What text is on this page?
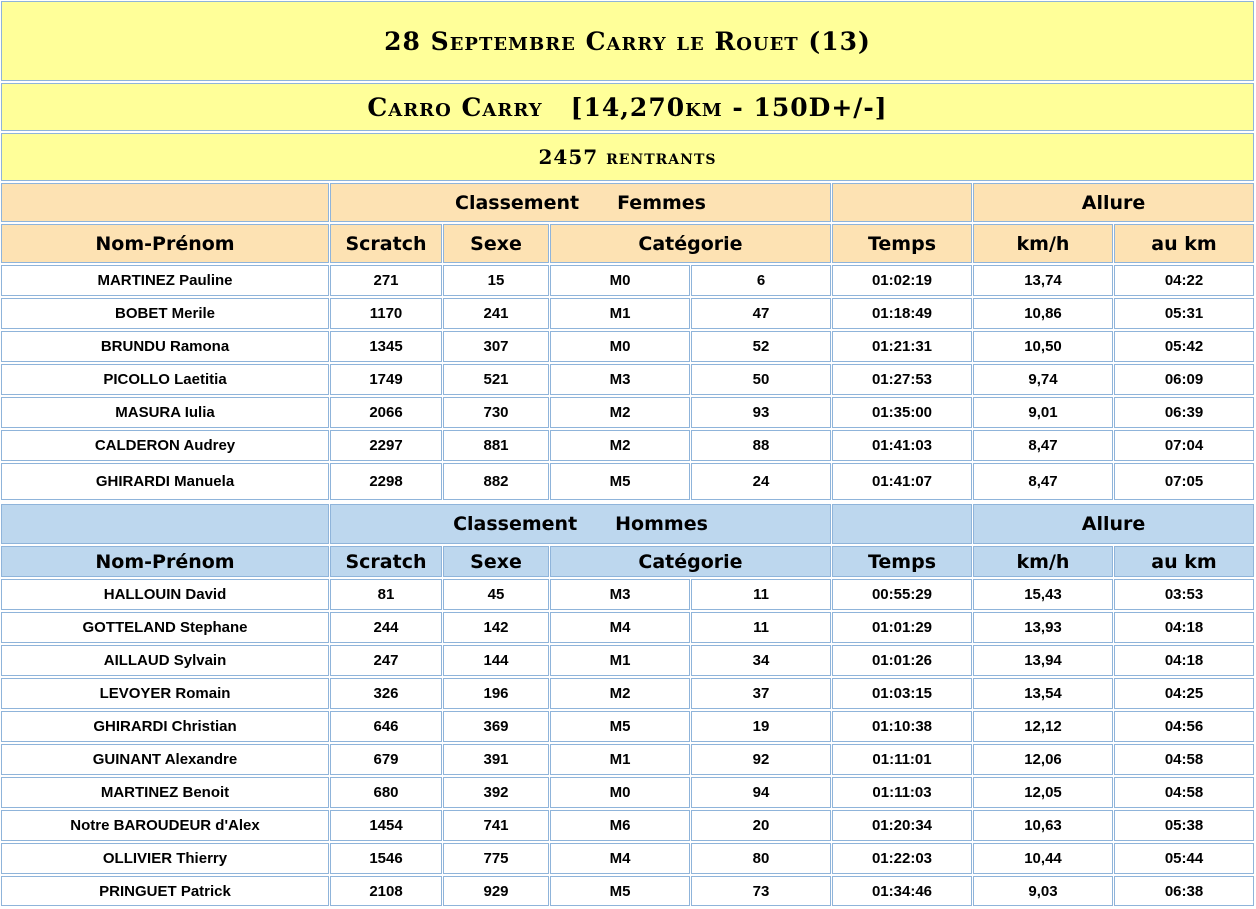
28 Septembre Carry le Rouet (13)
Carro Carry [14,270km - 150D+/-]
2457 rentrants
Classement Femmes	Allure
Nom-Prénom	Scratch	Sexe	Catégorie	Temps	km/h	au km
MARTINEZ Pauline	271	15	M0	6	01:02:19	13,74	04:22
BOBET Merile	1170	241	M1	47	01:18:49	10,86	05:31
BRUNDU Ramona	1345	307	M0	52	01:21:31	10,50	05:42
PICOLLO Laetitia	1749	521	M3	50	01:27:53	9,74	06:09
MASURA Iulia	2066	730	M2	93	01:35:00	9,01	06:39
CALDERON Audrey	2297	881	M2	88	01:41:03	8,47	07:04
GHIRARDI Manuela	2298	882	M5	24	01:41:07	8,47	07:05
Classement Hommes	Allure
Nom-Prénom	Scratch	Sexe	Catégorie	Temps	km/h	au km
HALLOUIN David	81	45	M3	11	00:55:29	15,43	03:53
GOTTELAND Stephane	244	142	M4	11	01:01:29	13,93	04:18
AILLAUD Sylvain	247	144	M1	34	01:01:26	13,94	04:18
LEVOYER Romain	326	196	M2	37	01:03:15	13,54	04:25
GHIRARDI Christian	646	369	M5	19	01:10:38	12,12	04:56
GUINANT Alexandre	679	391	M1	92	01:11:01	12,06	04:58
MARTINEZ Benoit	680	392	M0	94	01:11:03	12,05	04:58
Notre BAROUDEUR d'Alex	1454	741	M6	20	01:20:34	10,63	05:38
OLLIVIER Thierry	1546	775	M4	80	01:22:03	10,44	05:44
PRINGUET Patrick	2108	929	M5	73	01:34:46	9,03	06:38
